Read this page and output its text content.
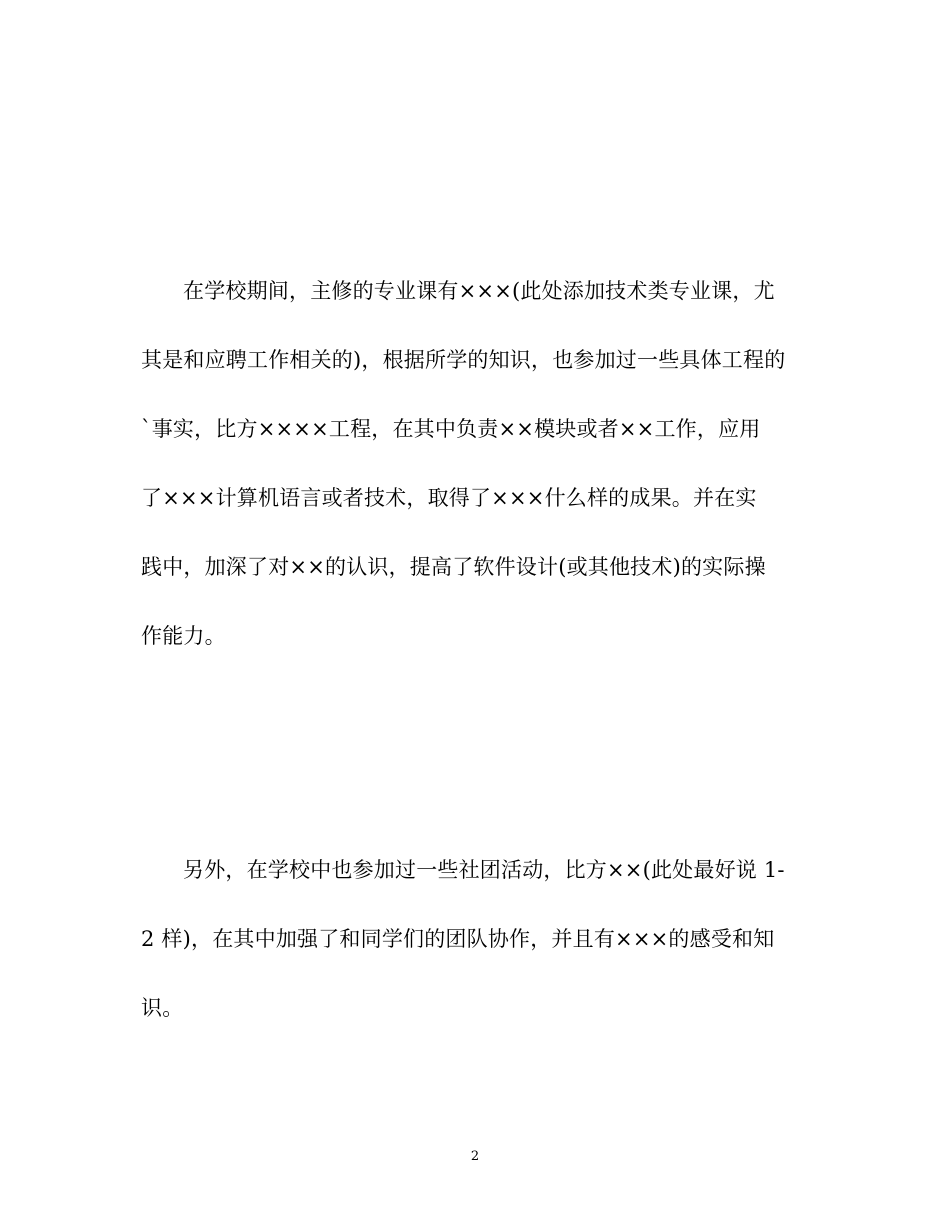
在学校期间，主修的专业课有×××(此处添加技术类专业课，尤
其是和应聘工作相关的)，根据所学的知识，也参加过一些具体工程的
`事实，比方××××工程，在其中负责××模块或者××工作，应用
了×××计算机语言或者技术，取得了×××什么样的成果。并在实
践中，加深了对××的认识，提高了软件设计(或其他技术)的实际操
作能力。
另外，在学校中也参加过一些社团活动，比方××(此处最好说 1-
2 样)，在其中加强了和同学们的团队协作，并且有×××的感受和知
识。
2
